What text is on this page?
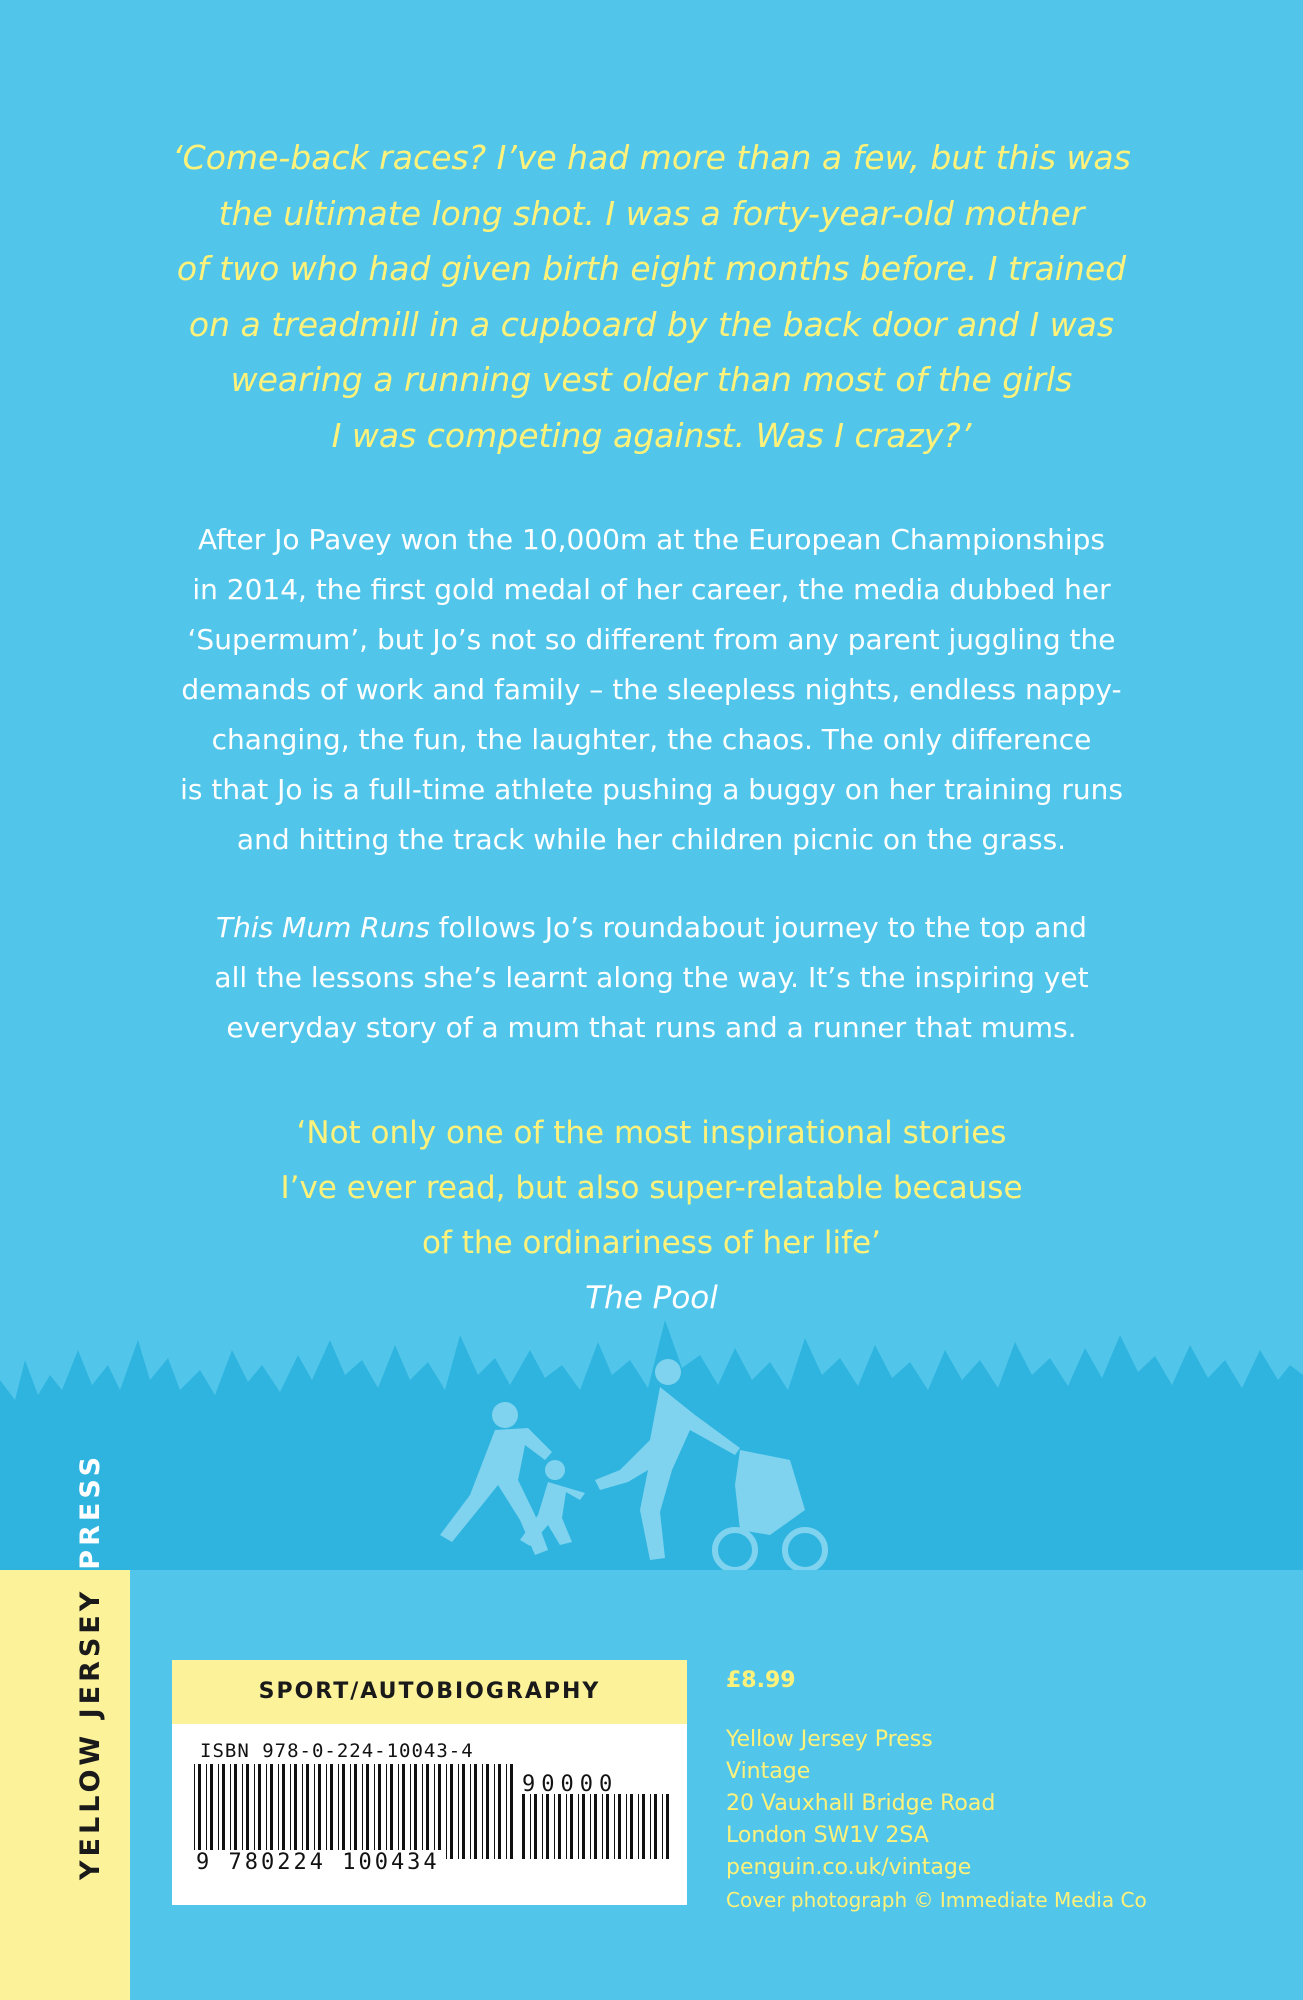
‘Come-back races? I’ve had more than a few, but this was
the ultimate long shot. I was a forty-year-old mother
of two who had given birth eight months before. I trained
on a treadmill in a cupboard by the back door and I was
wearing a running vest older than most of the girls
I was competing against. Was I crazy?’
After Jo Pavey won the 10,000m at the European Championships
in 2014, the first gold medal of her career, the media dubbed her
‘Supermum’, but Jo’s not so different from any parent juggling the
demands of work and family – the sleepless nights, endless nappy-
changing, the fun, the laughter, the chaos. The only difference
is that Jo is a full-time athlete pushing a buggy on her training runs
and hitting the track while her children picnic on the grass.
This Mum Runs follows Jo’s roundabout journey to the top and
all the lessons she’s learnt along the way. It’s the inspiring yet
everyday story of a mum that runs and a runner that mums.
‘Not only one of the most inspirational stories
I’ve ever read, but also super-relatable because
of the ordinariness of her life’
The Pool
YELLOW JERSEYPRESS
SPORT/AUTOBIOGRAPHY
ISBN 978-0-224-10043-4
9 780224 100434
90000
£8.99
Yellow Jersey Press
Vintage
20 Vauxhall Bridge Road
London SW1V 2SA
penguin.co.uk/vintage
Cover photograph © Immediate Media Co
